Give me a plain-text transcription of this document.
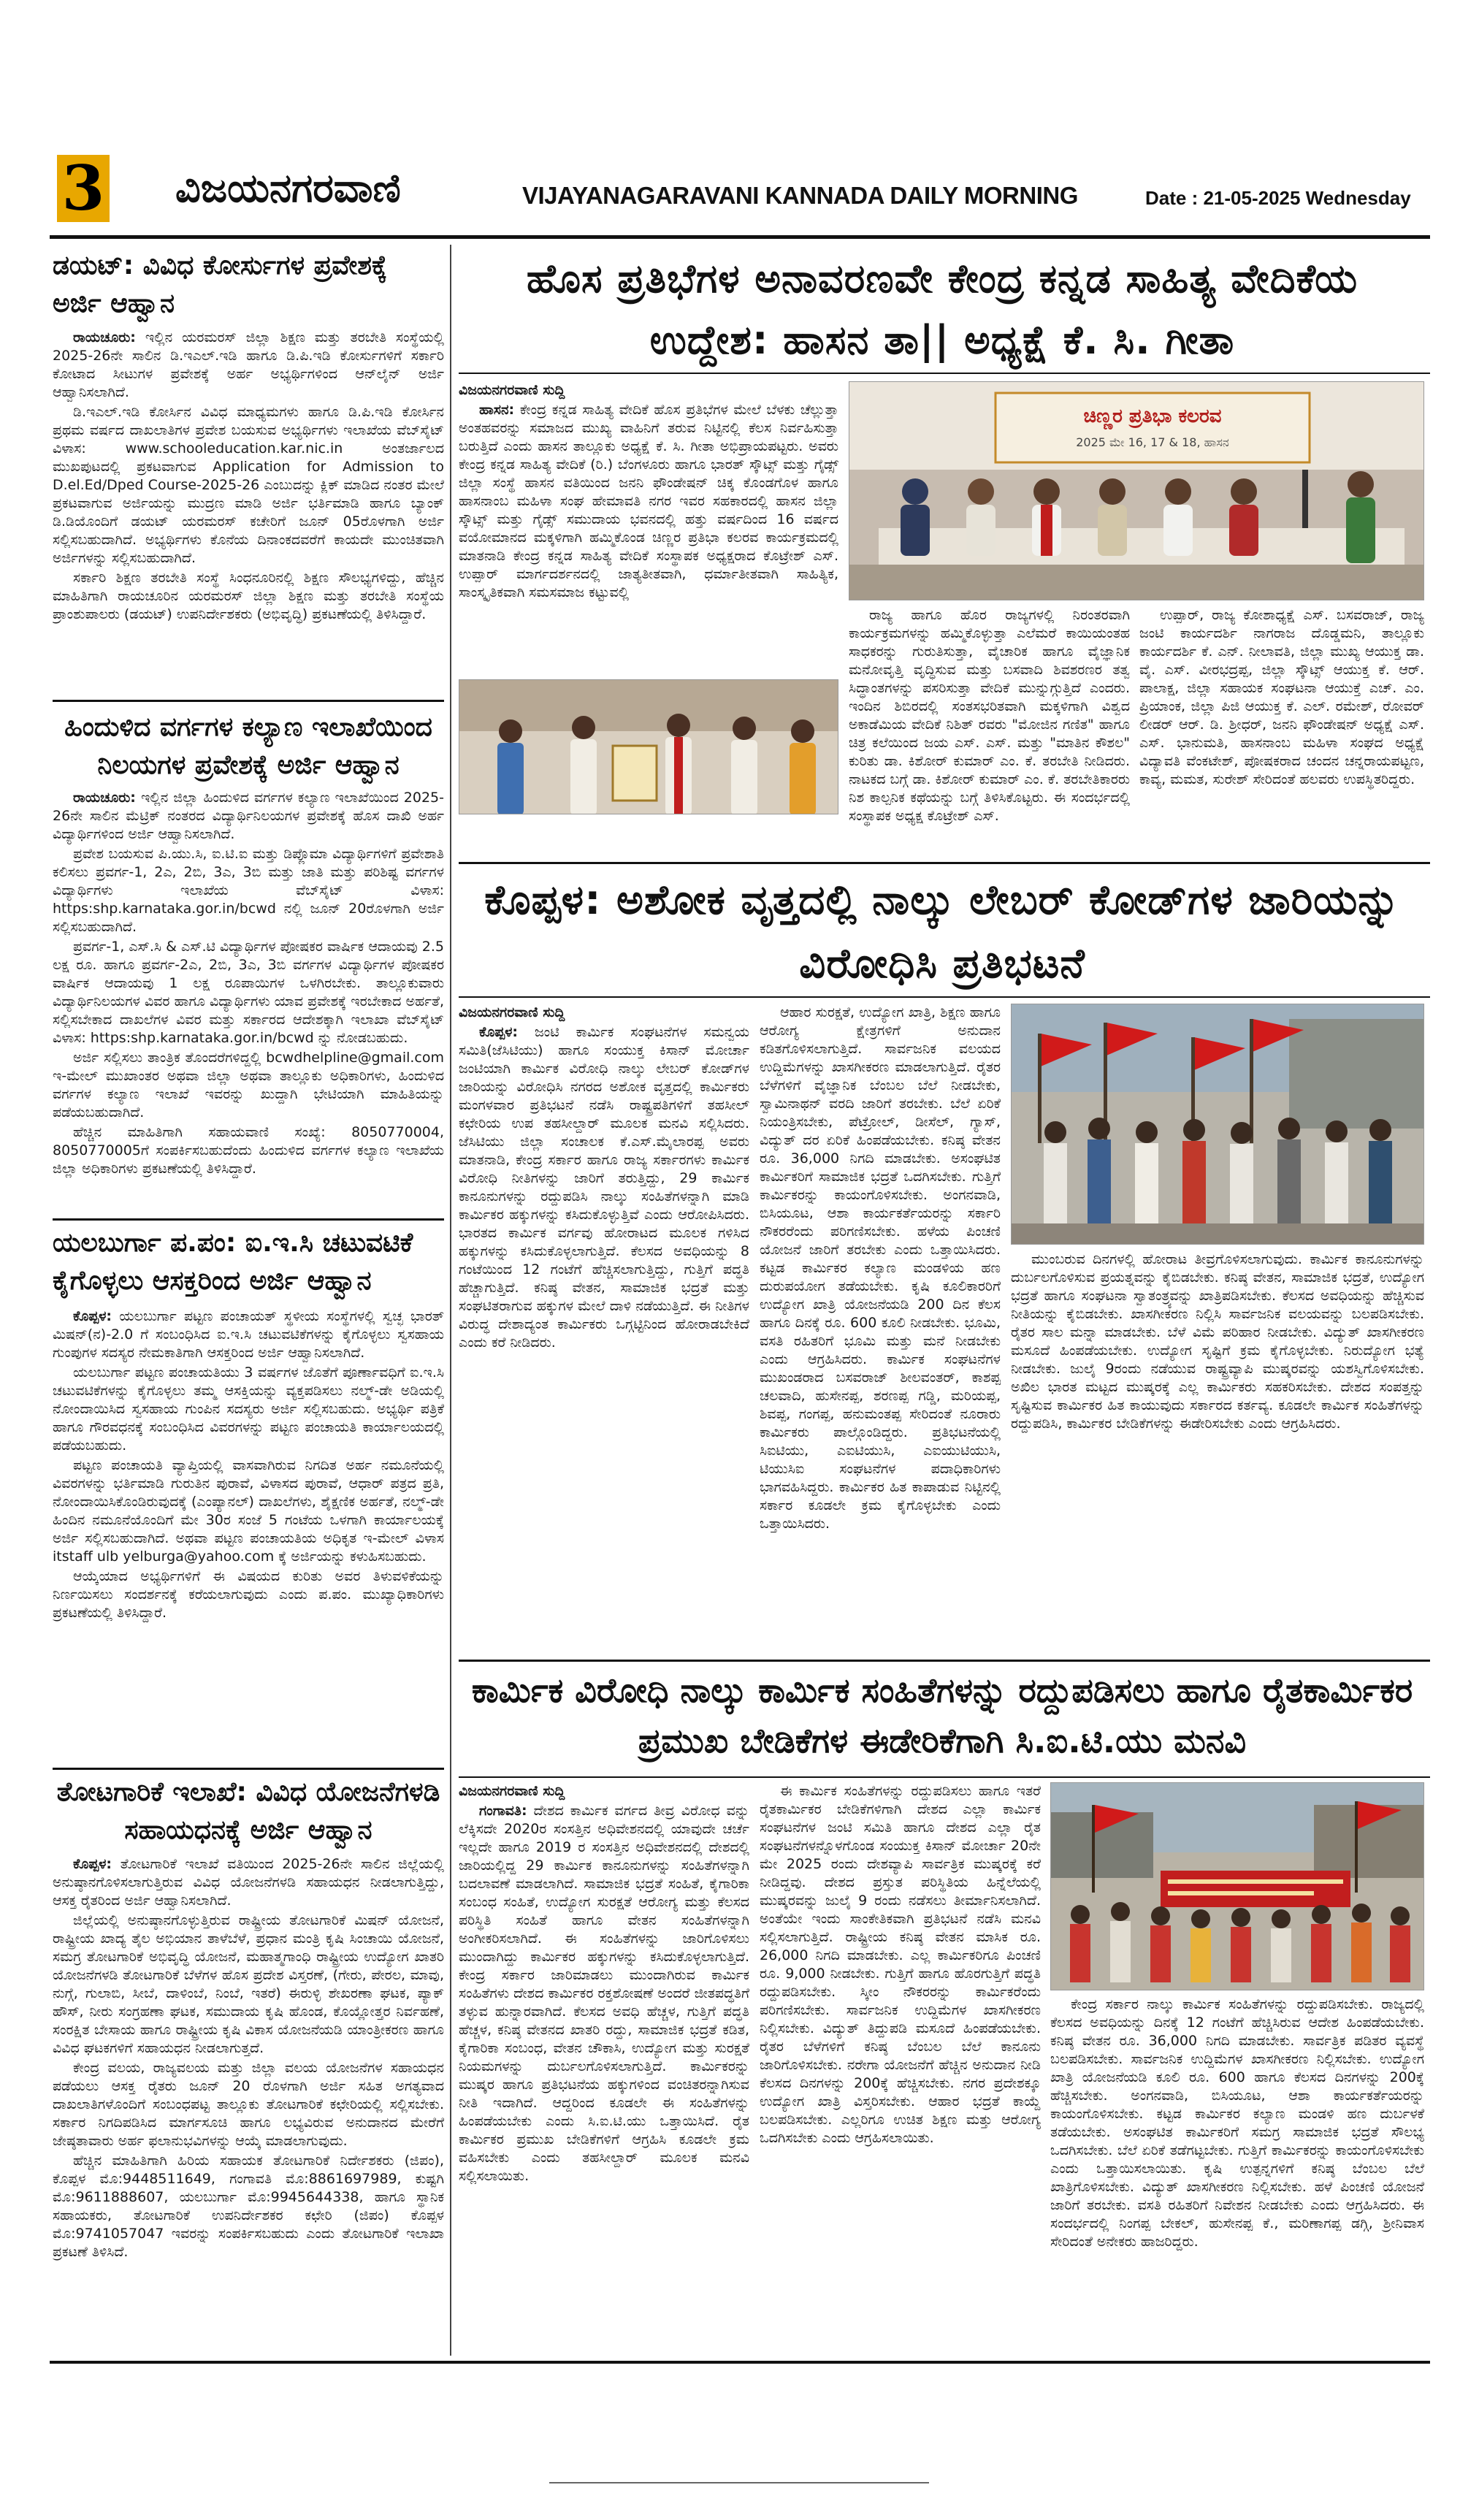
3 ವಿಜಯನಗರವಾಣಿ	VIJAYANAGARAVANI KANNADA DAILY MORNING	Date : 21-05-2025 Wednesday
ಡಯಟ್: ವಿವಿಧ ಕೋರ್ಸುಗಳ ಪ್ರವೇಶಕ್ಕೆ ಅರ್ಜಿ ಆಹ್ವಾನ

ರಾಯಚೂರು: ಇಲ್ಲಿನ ಯರಮರಸ್ ಜಿಲ್ಲಾ ಶಿಕ್ಷಣ ಮತ್ತು ತರಬೇತಿ ಸಂಸ್ಥೆಯಲ್ಲಿ 2025-26ನೇ ಸಾಲಿನ ಡಿ.ಇಎಲ್.ಇಡಿ ಹಾಗೂ ಡಿ.ಪಿ.ಇಡಿ ಕೋರ್ಸುಗಳಿಗೆ ಸರ್ಕಾರಿ ಕೋಟಾದ ಸೀಟುಗಳ ಪ್ರವೇಶಕ್ಕೆ ಅರ್ಹ ಅಭ್ಯರ್ಥಿಗಳಿಂದ ಆನ್‌ಲೈನ್ ಅರ್ಜಿ ಆಹ್ವಾನಿಸಲಾಗಿದೆ.

ಡಿ.ಇಎಲ್.ಇಡಿ ಕೋರ್ಸಿನ ವಿವಿಧ ಮಾಧ್ಯಮಗಳು ಹಾಗೂ ಡಿ.ಪಿ.ಇಡಿ ಕೋರ್ಸಿನ ಪ್ರಥಮ ವರ್ಷದ ದಾಖಲಾತಿಗಳ ಪ್ರವೇಶ ಬಯಸುವ ಅಭ್ಯರ್ಥಿಗಳು ಇಲಾಖೆಯ ವೆಬ್‌ಸೈಟ್ ವಿಳಾಸ: www.schooleducation.kar.nic.in ಅಂತರ್ಜಾಲದ ಮುಖಪುಟದಲ್ಲಿ ಪ್ರಕಟವಾಗುವ Application for Admission to D.el.Ed/Dped Course-2025-26 ಎಂಬುದನ್ನು ಕ್ಲಿಕ್ ಮಾಡಿದ ನಂತರ ಮೇಲೆ ಪ್ರಕಟವಾಗುವ ಅರ್ಜಿಯನ್ನು ಮುದ್ರಣ ಮಾಡಿ ಅರ್ಜಿ ಭರ್ತಿಮಾಡಿ ಹಾಗೂ ಬ್ಯಾಂಕ್ ಡಿ.ಡಿಯೊಂದಿಗೆ ಡಯಟ್ ಯರಮರಸ್ ಕಚೇರಿಗೆ ಜೂನ್ 05ರೊಳಗಾಗಿ ಅರ್ಜಿ ಸಲ್ಲಿಸಬಹುದಾಗಿದೆ. ಅಭ್ಯರ್ಥಿಗಳು ಕೊನೆಯ ದಿನಾಂಕದವರೆಗೆ ಕಾಯದೇ ಮುಂಚಿತವಾಗಿ ಅರ್ಜಿಗಳನ್ನು ಸಲ್ಲಿಸಬಹುದಾಗಿದೆ.

ಸರ್ಕಾರಿ ಶಿಕ್ಷಣ ತರಬೇತಿ ಸಂಸ್ಥೆ ಸಿಂಧನೂರಿನಲ್ಲಿ ಶಿಕ್ಷಣ ಸೌಲಭ್ಯಗಳಿದ್ದು, ಹೆಚ್ಚಿನ ಮಾಹಿತಿಗಾಗಿ ರಾಯಚೂರಿನ ಯರಮರಸ್ ಜಿಲ್ಲಾ ಶಿಕ್ಷಣ ಮತ್ತು ತರಬೇತಿ ಸಂಸ್ಥೆಯ ಪ್ರಾಂಶುಪಾಲರು (ಡಯಟ್) ಉಪನಿರ್ದೇಶಕರು (ಅಭಿವೃದ್ಧಿ) ಪ್ರಕಟಣೆಯಲ್ಲಿ ತಿಳಿಸಿದ್ದಾರೆ.

ಹಿಂದುಳಿದ ವರ್ಗಗಳ ಕಲ್ಯಾಣ ಇಲಾಖೆಯಿಂದ ನಿಲಯಗಳ ಪ್ರವೇಶಕ್ಕೆ ಅರ್ಜಿ ಆಹ್ವಾನ

ರಾಯಚೂರು: ಇಲ್ಲಿನ ಜಿಲ್ಲಾ ಹಿಂದುಳಿದ ವರ್ಗಗಳ ಕಲ್ಯಾಣ ಇಲಾಖೆಯಿಂದ 2025-26ನೇ ಸಾಲಿನ ಮೆಟ್ರಿಕ್ ನಂತರದ ವಿದ್ಯಾರ್ಥಿನಿಲಯಗಳ ಪ್ರವೇಶಕ್ಕೆ ಹೊಸ ದಾಖಿ ಅರ್ಹ ವಿದ್ಯಾರ್ಥಿಗಳಿಂದ ಅರ್ಜಿ ಆಹ್ವಾನಿಸಲಾಗಿದೆ.

ಪ್ರವೇಶ ಬಯಸುವ ಪಿ.ಯು.ಸಿ, ಐ.ಟಿ.ಐ ಮತ್ತು ಡಿಪ್ಲೊಮಾ ವಿದ್ಯಾರ್ಥಿಗಳಿಗೆ ಪ್ರವೇಶಾತಿ ಕಲಿಸಲು ಪ್ರವರ್ಗ-1, 2ಎ, 2ಬಿ, 3ಎ, 3ಬಿ ಮತ್ತು ಜಾತಿ ಮತ್ತು ಪರಿಶಿಷ್ಟ ವರ್ಗಗಳ ವಿದ್ಯಾರ್ಥಿಗಳು ಇಲಾಖೆಯ ವೆಬ್‌ಸೈಟ್ ವಿಳಾಸ: https:shp.karnataka.gor.in/bcwd ನಲ್ಲಿ ಜೂನ್ 20ರೊಳಗಾಗಿ ಅರ್ಜಿ ಸಲ್ಲಿಸಬಹುದಾಗಿದೆ.

ಪ್ರವರ್ಗ-1, ಎಸ್.ಸಿ & ಎಸ್.ಟಿ ವಿದ್ಯಾರ್ಥಿಗಳ ಪೋಷಕರ ವಾರ್ಷಿಕ ಆದಾಯವು 2.5 ಲಕ್ಷ ರೂ. ಹಾಗೂ ಪ್ರವರ್ಗ-2ಎ, 2ಬಿ, 3ಎ, 3ಬಿ ವರ್ಗಗಳ ವಿದ್ಯಾರ್ಥಿಗಳ ಪೋಷಕರ ವಾರ್ಷಿಕ ಆದಾಯವು 1 ಲಕ್ಷ ರೂಪಾಯಿಗಳ ಒಳಗಿರಬೇಕು. ತಾಲ್ಲೂಕುವಾರು ವಿದ್ಯಾರ್ಥಿನಿಲಯಗಳ ವಿವರ ಹಾಗೂ ವಿದ್ಯಾರ್ಥಿಗಳು ಯಾವ ಪ್ರವೇಶಕ್ಕೆ ಇರಬೇಕಾದ ಅರ್ಹತೆ, ಸಲ್ಲಿಸಬೇಕಾದ ದಾಖಲೆಗಳ ವಿವರ ಮತ್ತು ಸರ್ಕಾರದ ಆದೇಶಕ್ಕಾಗಿ ಇಲಾಖಾ ವೆಬ್‌ಸೈಟ್ ವಿಳಾಸ: https:shp.karnataka.gor.in/bcwd ನ್ನು ನೋಡಬಹುದು.

ಅರ್ಜಿ ಸಲ್ಲಿಸಲು ತಾಂತ್ರಿಕ ತೊಂದರೆಗಳಿದ್ದಲ್ಲಿ bcwdhelpline@gmail.com ಇ-ಮೇಲ್ ಮುಖಾಂತರ ಅಥವಾ ಜಿಲ್ಲಾ ಅಥವಾ ತಾಲ್ಲೂಕು ಅಧಿಕಾರಿಗಳು, ಹಿಂದುಳಿದ ವರ್ಗಗಳ ಕಲ್ಯಾಣ ಇಲಾಖೆ ಇವರನ್ನು ಖುದ್ದಾಗಿ ಭೇಟಿಯಾಗಿ ಮಾಹಿತಿಯನ್ನು ಪಡೆಯಬಹುದಾಗಿದೆ.

ಹೆಚ್ಚಿನ ಮಾಹಿತಿಗಾಗಿ ಸಹಾಯವಾಣಿ ಸಂಖ್ಯೆ: 8050770004, 8050770005ಗೆ ಸಂಪರ್ಕಿಸಬಹುದೆಂದು ಹಿಂದುಳಿದ ವರ್ಗಗಳ ಕಲ್ಯಾಣ ಇಲಾಖೆಯ ಜಿಲ್ಲಾ ಅಧಿಕಾರಿಗಳು ಪ್ರಕಟಣೆಯಲ್ಲಿ ತಿಳಿಸಿದ್ದಾರೆ.

ಯಲಬುರ್ಗಾ ಪ.ಪಂ: ಐ.ಇ.ಸಿ ಚಟುವಟಿಕೆ ಕೈಗೊಳ್ಳಲು ಆಸಕ್ತರಿಂದ ಅರ್ಜಿ ಆಹ್ವಾನ

ಕೊಪ್ಪಳ: ಯಲಬುರ್ಗಾ ಪಟ್ಟಣ ಪಂಚಾಯತ್ ಸ್ಥಳೀಯ ಸಂಸ್ಥೆಗಳಲ್ಲಿ ಸ್ವಚ್ಛ ಭಾರತ್ ಮಿಷನ್(ನ)-2.0 ಗೆ ಸಂಬಂಧಿಸಿದ ಐ.ಇ.ಸಿ ಚಟುವಟಿಕೆಗಳನ್ನು ಕೈಗೊಳ್ಳಲು ಸ್ವಸಹಾಯ ಗುಂಪುಗಳ ಸದಸ್ಯರ ನೇಮಕಾತಿಗಾಗಿ ಆಸಕ್ತರಿಂದ ಅರ್ಜಿ ಆಹ್ವಾನಿಸಲಾಗಿದೆ.

ಯಲಬುರ್ಗಾ ಪಟ್ಟಣ ಪಂಚಾಯತಿಯು 3 ವರ್ಷಗಳ ಜೊತೆಗೆ ಪೂರ್ಣಾವಧಿಗೆ ಐ.ಇ.ಸಿ ಚಟುವಟಿಕೆಗಳನ್ನು ಕೈಗೊಳ್ಳಲು ತಮ್ಮ ಆಸಕ್ತಿಯನ್ನು ವ್ಯಕ್ತಪಡಿಸಲು ನಲ್ಮ್-ಡೇ ಅಡಿಯಲ್ಲಿ ನೋಂದಾಯಿಸಿದ ಸ್ವಸಹಾಯ ಗುಂಪಿನ ಸದಸ್ಯರು ಅರ್ಜಿ ಸಲ್ಲಿಸಬಹುದು. ಅಭ್ಯರ್ಥಿ ಪತ್ರಿಕೆ ಹಾಗೂ ಗೌರವಧನಕ್ಕೆ ಸಂಬಂಧಿಸಿದ ವಿವರಗಳನ್ನು ಪಟ್ಟಣ ಪಂಚಾಯತಿ ಕಾರ್ಯಾಲಯದಲ್ಲಿ ಪಡೆಯಬಹುದು.

ಪಟ್ಟಣ ಪಂಚಾಯತಿ ವ್ಯಾಪ್ತಿಯಲ್ಲಿ ವಾಸವಾಗಿರುವ ನಿಗದಿತ ಅರ್ಹ ನಮೂನೆಯಲ್ಲಿ ವಿವರಗಳನ್ನು ಭರ್ತಿಮಾಡಿ ಗುರುತಿನ ಪುರಾವೆ, ವಿಳಾಸದ ಪುರಾವೆ, ಆಧಾರ್ ಪತ್ರದ ಪ್ರತಿ, ನೋಂದಾಯಿಸಿಕೊಂಡಿರುವುದಕ್ಕೆ (ಎಂಪ್ಯಾನಲ್) ದಾಖಲೆಗಳು, ಶೈಕ್ಷಣಿಕ ಅರ್ಹತೆ, ನಲ್ಮ್-ಡೇ ಹಿಂದಿನ ನಮೂನೆಯೊಂದಿಗೆ ಮೇ 30ರ ಸಂಜೆ 5 ಗಂಟೆಯ ಒಳಗಾಗಿ ಕಾರ್ಯಾಲಯಕ್ಕೆ ಅರ್ಜಿ ಸಲ್ಲಿಸಬಹುದಾಗಿದೆ. ಅಥವಾ ಪಟ್ಟಣ ಪಂಚಾಯತಿಯ ಅಧಿಕೃತ ಇ-ಮೇಲ್ ವಿಳಾಸ itstaff ulb yelburga@yahoo.com ಕ್ಕೆ ಅರ್ಜಿಯನ್ನು ಕಳುಹಿಸಬಹುದು.

ಆಯ್ಕೆಯಾದ ಅಭ್ಯರ್ಥಿಗಳಿಗೆ ಈ ವಿಷಯದ ಕುರಿತು ಅವರ ತಿಳುವಳಿಕೆಯನ್ನು ನಿರ್ಣಯಿಸಲು ಸಂದರ್ಶನಕ್ಕೆ ಕರೆಯಲಾಗುವುದು ಎಂದು ಪ.ಪಂ. ಮುಖ್ಯಾಧಿಕಾರಿಗಳು ಪ್ರಕಟಣೆಯಲ್ಲಿ ತಿಳಿಸಿದ್ದಾರೆ.

ತೋಟಗಾರಿಕೆ ಇಲಾಖೆ: ವಿವಿಧ ಯೋಜನೆಗಳಡಿ ಸಹಾಯಧನಕ್ಕೆ ಅರ್ಜಿ ಆಹ್ವಾನ

ಕೊಪ್ಪಳ: ತೋಟಗಾರಿಕೆ ಇಲಾಖೆ ವತಿಯಿಂದ 2025-26ನೇ ಸಾಲಿನ ಜಿಲ್ಲೆಯಲ್ಲಿ ಅನುಷ್ಠಾನಗೊಳಿಸಲಾಗುತ್ತಿರುವ ವಿವಿಧ ಯೋಜನೆಗಳಡಿ ಸಹಾಯಧನ ನೀಡಲಾಗುತ್ತಿದ್ದು, ಆಸಕ್ತ ರೈತರಿಂದ ಅರ್ಜಿ ಆಹ್ವಾನಿಸಲಾಗಿದೆ.

ಜಿಲ್ಲೆಯಲ್ಲಿ ಅನುಷ್ಠಾನಗೊಳ್ಳುತ್ತಿರುವ ರಾಷ್ಟ್ರೀಯ ತೋಟಗಾರಿಕೆ ಮಿಷನ್ ಯೋಜನೆ, ರಾಷ್ಟ್ರೀಯ ಖಾದ್ಯ ತೈಲ ಅಭಿಯಾನ ತಾಳೆಬೆಳೆ, ಪ್ರಧಾನ ಮಂತ್ರಿ ಕೃಷಿ ಸಿಂಚಾಯಿ ಯೋಜನೆ, ಸಮಗ್ರ ತೋಟಗಾರಿಕೆ ಅಭಿವೃದ್ಧಿ ಯೋಜನೆ, ಮಹಾತ್ಮಗಾಂಧಿ ರಾಷ್ಟ್ರೀಯ ಉದ್ಯೋಗ ಖಾತರಿ ಯೋಜನೆಗಳಡಿ ತೋಟಗಾರಿಕೆ ಬೆಳೆಗಳ ಹೊಸ ಪ್ರದೇಶ ವಿಸ್ತರಣೆ, (ಗೇರು, ಪೇರಲ, ಮಾವು, ನುಗ್ಗೆ, ಗುಲಾಬಿ, ಸೀಬೆ, ದಾಳಿಂಬೆ, ನಿಂಬೆ, ಇತರೆ) ಈರುಳ್ಳಿ ಶೇಖರಣಾ ಘಟಕ, ಪ್ಯಾಕ್ ಹೌಸ್, ನೀರು ಸಂಗ್ರಹಣಾ ಘಟಕ, ಸಮುದಾಯ ಕೃಷಿ ಹೊಂಡ, ಕೊಯ್ಲೋತ್ತರ ನಿರ್ವಹಣೆ, ಸಂರಕ್ಷಿತ ಬೇಸಾಯ ಹಾಗೂ ರಾಷ್ಟ್ರೀಯ ಕೃಷಿ ವಿಕಾಸ ಯೋಜನೆಯಡಿ ಯಾಂತ್ರೀಕರಣ ಹಾಗೂ ವಿವಿಧ ಘಟಕಗಳಿಗೆ ಸಹಾಯಧನ ನೀಡಲಾಗುತ್ತದೆ.

ಕೇಂದ್ರ ವಲಯ, ರಾಜ್ಯವಲಯ ಮತ್ತು ಜಿಲ್ಲಾ ವಲಯ ಯೋಜನೆಗಳ ಸಹಾಯಧನ ಪಡೆಯಲು ಆಸಕ್ತ ರೈತರು ಜೂನ್ 20 ರೊಳಗಾಗಿ ಅರ್ಜಿ ಸಹಿತ ಅಗತ್ಯವಾದ ದಾಖಲಾತಿಗಳೊಂದಿಗೆ ಸಂಬಂಧಪಟ್ಟ ತಾಲ್ಲೂಕು ತೋಟಗಾರಿಕೆ ಕಛೇರಿಯಲ್ಲಿ ಸಲ್ಲಿಸಬೇಕು. ಸರ್ಕಾರ ನಿಗದಿಪಡಿಸಿದ ಮಾರ್ಗಸೂಚಿ ಹಾಗೂ ಲಭ್ಯವಿರುವ ಅನುದಾನದ ಮೇರೆಗೆ ಜೇಷ್ಠತಾವಾರು ಅರ್ಹ ಫಲಾನುಭವಿಗಳನ್ನು ಆಯ್ಕೆ ಮಾಡಲಾಗುವುದು.

ಹೆಚ್ಚಿನ ಮಾಹಿತಿಗಾಗಿ ಹಿರಿಯ ಸಹಾಯಕ ತೋಟಗಾರಿಕೆ ನಿರ್ದೇಶಕರು (ಜಿಪಂ), ಕೊಪ್ಪಳ ಮೊ:9448511649, ಗಂಗಾವತಿ ಮೊ:8861697989, ಕುಷ್ಟಗಿ ಮೊ:9611888607, ಯಲಬುರ್ಗಾ ಮೊ:9945644338, ಹಾಗೂ ಸ್ಥಾನಿಕ ಸಹಾಯಕರು, ತೋಟಗಾರಿಕೆ ಉಪನಿರ್ದೇಶಕರ ಕಛೇರಿ (ಜಿಪಂ) ಕೊಪ್ಪಳ ಮೊ:9741057047 ಇವರನ್ನು ಸಂಪರ್ಕಿಸಬಹುದು ಎಂದು ತೋಟಗಾರಿಕೆ ಇಲಾಖಾ ಪ್ರಕಟಣೆ ತಿಳಿಸಿದೆ.

ಹೊಸ ಪ್ರತಿಭೆಗಳ ಅನಾವರಣವೇ ಕೇಂದ್ರ ಕನ್ನಡ ಸಾಹಿತ್ಯ ವೇದಿಕೆಯ ಉದ್ದೇಶ: ಹಾಸನ ತಾ|| ಅಧ್ಯಕ್ಷೆ ಕೆ. ಸಿ. ಗೀತಾ

ವಿಜಯನಗರವಾಣಿ ಸುದ್ದಿ

ಹಾಸನ: ಕೇಂದ್ರ ಕನ್ನಡ ಸಾಹಿತ್ಯ ವೇದಿಕೆ ಹೊಸ ಪ್ರತಿಭೆಗಳ ಮೇಲೆ ಬೆಳಕು ಚೆಲ್ಲುತ್ತಾ ಅಂತಹವರನ್ನು ಸಮಾಜದ ಮುಖ್ಯ ವಾಹಿನಿಗೆ ತರುವ ನಿಟ್ಟಿನಲ್ಲಿ ಕೆಲಸ ನಿರ್ವಹಿಸುತ್ತಾ ಬರುತ್ತಿದೆ ಎಂದು ಹಾಸನ ತಾಲ್ಲೂಕು ಅಧ್ಯಕ್ಷೆ ಕೆ. ಸಿ. ಗೀತಾ ಅಭಿಪ್ರಾಯಪಟ್ಟರು. ಅವರು ಕೇಂದ್ರ ಕನ್ನಡ ಸಾಹಿತ್ಯ ವೇದಿಕೆ (ರಿ.) ಬೆಂಗಳೂರು ಹಾಗೂ ಭಾರತ್ ಸ್ಕೌಟ್ಸ್ ಮತ್ತು ಗೈಡ್ಸ್ ಜಿಲ್ಲಾ ಸಂಸ್ಥೆ ಹಾಸನ ವತಿಯಿಂದ ಜನನಿ ಫೌಂಡೇಷನ್ ಚಿಕ್ಕ ಕೊಂಡಗೊಳ ಹಾಗೂ ಹಾಸನಾಂಬ ಮಹಿಳಾ ಸಂಘ ಹೇಮಾವತಿ ನಗರ ಇವರ ಸಹಕಾರದಲ್ಲಿ ಹಾಸನ ಜಿಲ್ಲಾ ಸ್ಕೌಟ್ಸ್ ಮತ್ತು ಗೈಡ್ಸ್ ಸಮುದಾಯ ಭವನದಲ್ಲಿ ಹತ್ತು ವರ್ಷದಿಂದ 16 ವರ್ಷದ ವಯೋಮಾನದ ಮಕ್ಕಳಿಗಾಗಿ ಹಮ್ಮಿಕೊಂಡ ಚಿಣ್ಣರ ಪ್ರತಿಭಾ ಕಲರವ ಕಾರ್ಯಕ್ರಮದಲ್ಲಿ ಮಾತನಾಡಿ ಕೇಂದ್ರ ಕನ್ನಡ ಸಾಹಿತ್ಯ ವೇದಿಕೆ ಸಂಸ್ಥಾಪಕ ಅಧ್ಯಕ್ಷರಾದ ಕೊಟ್ರೇಶ್ ಎಸ್. ಉಪ್ಪಾರ್ ಮಾರ್ಗದರ್ಶನದಲ್ಲಿ ಜಾತ್ಯತೀತವಾಗಿ, ಧರ್ಮಾತೀತವಾಗಿ ಸಾಹಿತ್ಯಿಕ, ಸಾಂಸ್ಕೃತಿಕವಾಗಿ ಸಮಸಮಾಜ ಕಟ್ಟುವಲ್ಲಿ

ಚಿಣ್ಣರ ಪ್ರತಿಭಾ ಕಲರವ
2025 ಮೇ 16, 17 & 18, ಹಾಸನ

ರಾಜ್ಯ ಹಾಗೂ ಹೊರ ರಾಜ್ಯಗಳಲ್ಲಿ ನಿರಂತರವಾಗಿ ಕಾರ್ಯಕ್ರಮಗಳನ್ನು ಹಮ್ಮಿಕೊಳ್ಳುತ್ತಾ ಎಲೆಮರೆ ಕಾಯಿಯಂತಹ ಸಾಧಕರನ್ನು ಗುರುತಿಸುತ್ತಾ, ವೈಚಾರಿಕ ಹಾಗೂ ವೈಜ್ಞಾನಿಕ ಮನೋವೃತ್ತಿ ವೃದ್ಧಿಸುವ ಮತ್ತು ಬಸವಾದಿ ಶಿವಶರಣರ ತತ್ವ ಸಿದ್ಧಾಂತಗಳನ್ನು ಪಸರಿಸುತ್ತಾ ವೇದಿಕೆ ಮುನ್ನುಗ್ಗುತ್ತಿದೆ ಎಂದರು. ಇಂದಿನ ಶಿಬಿರದಲ್ಲಿ ಸಂತಸಭರಿತವಾಗಿ ಮಕ್ಕಳಿಗಾಗಿ ವಿಶ್ವದ ಅಕಾಡೆಮಿಯ ವೇದಿಕೆ ನಿಶಿತ್ ರವರು "ಮೋಜಿನ ಗಣಿತ" ಹಾಗೂ ಚಿತ್ರ ಕಲೆಯಿಂದ ಜಯ ಎಸ್. ಎಸ್. ಮತ್ತು "ಮಾತಿನ ಕೌಶಲ" ಕುರಿತು ಡಾ. ಕಿಶೋರ್ ಕುಮಾರ್ ಎಂ. ಕೆ. ತರಬೇತಿ ನೀಡಿದರು. ನಾಟಕದ ಬಗ್ಗೆ ಡಾ. ಕಿಶೋರ್ ಕುಮಾರ್ ಎಂ. ಕೆ. ತರಬೇತಿಕಾರರು ನಿಶ ಕಾಲ್ಪನಿಕ ಕಥೆಯನ್ನು ಬಗ್ಗೆ ತಿಳಿಸಿಕೊಟ್ಟರು. ಈ ಸಂದರ್ಭದಲ್ಲಿ ಸಂಸ್ಥಾಪಕ ಅಧ್ಯಕ್ಷ ಕೊಟ್ರೇಶ್ ಎಸ್.

ಉಪ್ಪಾರ್, ರಾಜ್ಯ ಕೋಶಾಧ್ಯಕ್ಷೆ ಎಸ್. ಬಸವರಾಜ್, ರಾಜ್ಯ ಜಂಟಿ ಕಾರ್ಯದರ್ಶಿ ನಾಗರಾಜ ದೊಡ್ಡಮನಿ, ತಾಲ್ಲೂಕು ಕಾರ್ಯದರ್ಶಿ ಕೆ. ಎನ್. ನೀಲಾವತಿ, ಜಿಲ್ಲಾ ಮುಖ್ಯ ಆಯುಕ್ತ ಡಾ. ವೈ. ಎಸ್. ವೀರಭದ್ರಪ್ಪ, ಜಿಲ್ಲಾ ಸ್ಕೌಟ್ಸ್ ಆಯುಕ್ತ ಕೆ. ಆರ್. ಪಾಲಾಕ್ಷ, ಜಿಲ್ಲಾ ಸಹಾಯಕ ಸಂಘಟನಾ ಆಯುಕ್ತೆ ಎಚ್. ಎಂ. ಪ್ರಿಯಾಂಕ, ಜಿಲ್ಲಾ ಪಿಜಿ ಆಯುಕ್ತ ಕೆ. ಎಲ್. ರಮೇಶ್, ರೋವರ್ ಲೀಡರ್ ಆರ್. ಡಿ. ಶ್ರೀಧರ್, ಜನನಿ ಫೌಂಡೇಷನ್ ಅಧ್ಯಕ್ಷೆ ಎಸ್. ಎಸ್. ಭಾನುಮತಿ, ಹಾಸನಾಂಬ ಮಹಿಳಾ ಸಂಘದ ಅಧ್ಯಕ್ಷೆ ವಿದ್ಯಾವತಿ ವೆಂಕಟೇಶ್, ಪೋಷಕರಾದ ಚಂದನ ಚನ್ನರಾಯಪಟ್ಟಣ, ಕಾವ್ಯ, ಮಮತ, ಸುರೇಶ್ ಸೇರಿದಂತೆ ಹಲವರು ಉಪಸ್ಥಿತರಿದ್ದರು.

ಕೊಪ್ಪಳ: ಅಶೋಕ ವೃತ್ತದಲ್ಲಿ ನಾಲ್ಕು ಲೇಬರ್ ಕೋಡ್‌ಗಳ ಜಾರಿಯನ್ನು ವಿರೋಧಿಸಿ ಪ್ರತಿಭಟನೆ

ವಿಜಯನಗರವಾಣಿ ಸುದ್ದಿ

ಕೊಪ್ಪಳ: ಜಂಟಿ ಕಾರ್ಮಿಕ ಸಂಘಟನೆಗಳ ಸಮನ್ವಯ ಸಮಿತಿ(ಜೆಸಿಟಿಯು) ಹಾಗೂ ಸಂಯುಕ್ತ ಕಿಸಾನ್ ಮೋರ್ಚಾ ಜಂಟಿಯಾಗಿ ಕಾರ್ಮಿಕ ವಿರೋಧಿ ನಾಲ್ಕು ಲೇಬರ್ ಕೋಡ್‌ಗಳ ಜಾರಿಯನ್ನು ವಿರೋಧಿಸಿ ನಗರದ ಅಶೋಕ ವೃತ್ತದಲ್ಲಿ ಕಾರ್ಮಿಕರು ಮಂಗಳವಾರ ಪ್ರತಿಭಟನೆ ನಡೆಸಿ ರಾಷ್ಟ್ರಪತಿಗಳಿಗೆ ತಹಸೀಲ್ ಕಛೇರಿಯ ಉಪ ತಹಸೀಲ್ದಾರ್ ಮೂಲಕ ಮನವಿ ಸಲ್ಲಿಸಿದರು. ಜೆಸಿಟಿಯು ಜಿಲ್ಲಾ ಸಂಚಾಲಕ ಕೆ.ಎಸ್.ಮೈಲಾರಪ್ಪ ಅವರು ಮಾತನಾಡಿ, ಕೇಂದ್ರ ಸರ್ಕಾರ ಹಾಗೂ ರಾಜ್ಯ ಸರ್ಕಾರಗಳು ಕಾರ್ಮಿಕ ವಿರೋಧಿ ನೀತಿಗಳನ್ನು ಜಾರಿಗೆ ತರುತ್ತಿದ್ದು, 29 ಕಾರ್ಮಿಕ ಕಾನೂನುಗಳನ್ನು ರದ್ದುಪಡಿಸಿ ನಾಲ್ಕು ಸಂಹಿತೆಗಳನ್ನಾಗಿ ಮಾಡಿ ಕಾರ್ಮಿಕರ ಹಕ್ಕುಗಳನ್ನು ಕಸಿದುಕೊಳ್ಳುತ್ತಿವೆ ಎಂದು ಆರೋಪಿಸಿದರು. ಭಾರತದ ಕಾರ್ಮಿಕ ವರ್ಗವು ಹೋರಾಟದ ಮೂಲಕ ಗಳಿಸಿದ ಹಕ್ಕುಗಳನ್ನು ಕಸಿದುಕೊಳ್ಳಲಾಗುತ್ತಿದೆ. ಕೆಲಸದ ಅವಧಿಯನ್ನು 8 ಗಂಟೆಯಿಂದ 12 ಗಂಟೆಗೆ ಹೆಚ್ಚಿಸಲಾಗುತ್ತಿದ್ದು, ಗುತ್ತಿಗೆ ಪದ್ಧತಿ ಹೆಚ್ಚಾಗುತ್ತಿದೆ. ಕನಿಷ್ಠ ವೇತನ, ಸಾಮಾಜಿಕ ಭದ್ರತೆ ಮತ್ತು ಸಂಘಟಿತರಾಗುವ ಹಕ್ಕುಗಳ ಮೇಲೆ ದಾಳಿ ನಡೆಯುತ್ತಿದೆ. ಈ ನೀತಿಗಳ ವಿರುದ್ಧ ದೇಶಾದ್ಯಂತ ಕಾರ್ಮಿಕರು ಒಗ್ಗಟ್ಟಿನಿಂದ ಹೋರಾಡಬೇಕಿದೆ ಎಂದು ಕರೆ ನೀಡಿದರು.

ಆಹಾರ ಸುರಕ್ಷತೆ, ಉದ್ಯೋಗ ಖಾತ್ರಿ, ಶಿಕ್ಷಣ ಹಾಗೂ ಆರೋಗ್ಯ ಕ್ಷೇತ್ರಗಳಿಗೆ ಅನುದಾನ ಕಡಿತಗೊಳಿಸಲಾಗುತ್ತಿದೆ. ಸಾರ್ವಜನಿಕ ವಲಯದ ಉದ್ದಿಮೆಗಳನ್ನು ಖಾಸಗೀಕರಣ ಮಾಡಲಾಗುತ್ತಿದೆ. ರೈತರ ಬೆಳೆಗಳಿಗೆ ವೈಜ್ಞಾನಿಕ ಬೆಂಬಲ ಬೆಲೆ ನೀಡಬೇಕು, ಸ್ವಾಮಿನಾಥನ್ ವರದಿ ಜಾರಿಗೆ ತರಬೇಕು. ಬೆಲೆ ಏರಿಕೆ ನಿಯಂತ್ರಿಸಬೇಕು, ಪೆಟ್ರೋಲ್, ಡೀಸೆಲ್, ಗ್ಯಾಸ್, ವಿದ್ಯುತ್ ದರ ಏರಿಕೆ ಹಿಂಪಡೆಯಬೇಕು. ಕನಿಷ್ಠ ವೇತನ ರೂ. 36,000 ನಿಗದಿ ಮಾಡಬೇಕು. ಅಸಂಘಟಿತ ಕಾರ್ಮಿಕರಿಗೆ ಸಾಮಾಜಿಕ ಭದ್ರತೆ ಒದಗಿಸಬೇಕು. ಗುತ್ತಿಗೆ ಕಾರ್ಮಿಕರನ್ನು ಕಾಯಂಗೊಳಿಸಬೇಕು. ಅಂಗನವಾಡಿ, ಬಿಸಿಯೂಟ, ಆಶಾ ಕಾರ್ಯಕರ್ತೆಯರನ್ನು ಸರ್ಕಾರಿ ನೌಕರರೆಂದು ಪರಿಗಣಿಸಬೇಕು. ಹಳೆಯ ಪಿಂಚಣಿ ಯೋಜನೆ ಜಾರಿಗೆ ತರಬೇಕು ಎಂದು ಒತ್ತಾಯಿಸಿದರು. ಕಟ್ಟಡ ಕಾರ್ಮಿಕರ ಕಲ್ಯಾಣ ಮಂಡಳಿಯ ಹಣ ದುರುಪಯೋಗ ತಡೆಯಬೇಕು. ಕೃಷಿ ಕೂಲಿಕಾರರಿಗೆ ಉದ್ಯೋಗ ಖಾತ್ರಿ ಯೋಜನೆಯಡಿ 200 ದಿನ ಕೆಲಸ ಹಾಗೂ ದಿನಕ್ಕೆ ರೂ. 600 ಕೂಲಿ ನೀಡಬೇಕು. ಭೂಮಿ, ವಸತಿ ರಹಿತರಿಗೆ ಭೂಮಿ ಮತ್ತು ಮನೆ ನೀಡಬೇಕು ಎಂದು ಆಗ್ರಹಿಸಿದರು. ಕಾರ್ಮಿಕ ಸಂಘಟನೆಗಳ ಮುಖಂಡರಾದ ಬಸವರಾಜ್ ಶೀಲವಂತರ್, ಕಾಶಪ್ಪ ಚಲವಾದಿ, ಹುಸೇನಪ್ಪ, ಶರಣಪ್ಪ ಗಡ್ಡಿ, ಮರಿಯಪ್ಪ, ಶಿವಪ್ಪ, ಗಂಗಪ್ಪ, ಹನುಮಂತಪ್ಪ ಸೇರಿದಂತೆ ನೂರಾರು ಕಾರ್ಮಿಕರು ಪಾಲ್ಗೊಂಡಿದ್ದರು. ಪ್ರತಿಭಟನೆಯಲ್ಲಿ ಸಿಐಟಿಯು, ಎಐಟಿಯುಸಿ, ಎಐಯುಟಿಯುಸಿ, ಟಿಯುಸಿಐ ಸಂಘಟನೆಗಳ ಪದಾಧಿಕಾರಿಗಳು ಭಾಗವಹಿಸಿದ್ದರು. ಕಾರ್ಮಿಕರ ಹಿತ ಕಾಪಾಡುವ ನಿಟ್ಟಿನಲ್ಲಿ ಸರ್ಕಾರ ಕೂಡಲೇ ಕ್ರಮ ಕೈಗೊಳ್ಳಬೇಕು ಎಂದು ಒತ್ತಾಯಿಸಿದರು.

ಮುಂಬರುವ ದಿನಗಳಲ್ಲಿ ಹೋರಾಟ ತೀವ್ರಗೊಳಿಸಲಾಗುವುದು. ಕಾರ್ಮಿಕ ಕಾನೂನುಗಳನ್ನು ದುರ್ಬಲಗೊಳಿಸುವ ಪ್ರಯತ್ನವನ್ನು ಕೈಬಿಡಬೇಕು. ಕನಿಷ್ಠ ವೇತನ, ಸಾಮಾಜಿಕ ಭದ್ರತೆ, ಉದ್ಯೋಗ ಭದ್ರತೆ ಹಾಗೂ ಸಂಘಟನಾ ಸ್ವಾತಂತ್ರ್ಯವನ್ನು ಖಾತ್ರಿಪಡಿಸಬೇಕು. ಕೆಲಸದ ಅವಧಿಯನ್ನು ಹೆಚ್ಚಿಸುವ ನೀತಿಯನ್ನು ಕೈಬಿಡಬೇಕು. ಖಾಸಗೀಕರಣ ನಿಲ್ಲಿಸಿ ಸಾರ್ವಜನಿಕ ವಲಯವನ್ನು ಬಲಪಡಿಸಬೇಕು. ರೈತರ ಸಾಲ ಮನ್ನಾ ಮಾಡಬೇಕು. ಬೆಳೆ ವಿಮೆ ಪರಿಹಾರ ನೀಡಬೇಕು. ವಿದ್ಯುತ್ ಖಾಸಗೀಕರಣ ಮಸೂದೆ ಹಿಂಪಡೆಯಬೇಕು. ಉದ್ಯೋಗ ಸೃಷ್ಟಿಗೆ ಕ್ರಮ ಕೈಗೊಳ್ಳಬೇಕು. ನಿರುದ್ಯೋಗ ಭತ್ಯೆ ನೀಡಬೇಕು. ಜುಲೈ 9ರಂದು ನಡೆಯುವ ರಾಷ್ಟ್ರವ್ಯಾಪಿ ಮುಷ್ಕರವನ್ನು ಯಶಸ್ವಿಗೊಳಿಸಬೇಕು. ಅಖಿಲ ಭಾರತ ಮಟ್ಟದ ಮುಷ್ಕರಕ್ಕೆ ಎಲ್ಲ ಕಾರ್ಮಿಕರು ಸಹಕರಿಸಬೇಕು. ದೇಶದ ಸಂಪತ್ತನ್ನು ಸೃಷ್ಟಿಸುವ ಕಾರ್ಮಿಕರ ಹಿತ ಕಾಯುವುದು ಸರ್ಕಾರದ ಕರ್ತವ್ಯ. ಕೂಡಲೇ ಕಾರ್ಮಿಕ ಸಂಹಿತೆಗಳನ್ನು ರದ್ದುಪಡಿಸಿ, ಕಾರ್ಮಿಕರ ಬೇಡಿಕೆಗಳನ್ನು ಈಡೇರಿಸಬೇಕು ಎಂದು ಆಗ್ರಹಿಸಿದರು.

ಕಾರ್ಮಿಕ ವಿರೋಧಿ ನಾಲ್ಕು ಕಾರ್ಮಿಕ ಸಂಹಿತೆಗಳನ್ನು ರದ್ದುಪಡಿಸಲು ಹಾಗೂ ರೈತಕಾರ್ಮಿಕರ ಪ್ರಮುಖ ಬೇಡಿಕೆಗಳ ಈಡೇರಿಕೆಗಾಗಿ ಸಿ.ಐ.ಟಿ.ಯು ಮನವಿ

ವಿಜಯನಗರವಾಣಿ ಸುದ್ದಿ

ಗಂಗಾವತಿ: ದೇಶದ ಕಾರ್ಮಿಕ ವರ್ಗದ ತೀವ್ರ ವಿರೋಧ ವನ್ನು ಲೆಕ್ಕಿಸದೇ 2020ರ ಸಂಸತ್ತಿನ ಅಧಿವೇಶನದಲ್ಲಿ ಯಾವುದೇ ಚರ್ಚೆ ಇಲ್ಲದೇ ಹಾಗೂ 2019 ರ ಸಂಸತ್ತಿನ ಅಧಿವೇಶನದಲ್ಲಿ ದೇಶದಲ್ಲಿ ಜಾರಿಯಲ್ಲಿದ್ದ 29 ಕಾರ್ಮಿಕ ಕಾನೂನುಗಳನ್ನು ಸಂಹಿತೆಗಳನ್ನಾಗಿ ಬದಲಾವಣೆ ಮಾಡಲಾಗಿದೆ. ಸಾಮಾಜಿಕ ಭದ್ರತೆ ಸಂಹಿತೆ, ಕೈಗಾರಿಕಾ ಸಂಬಂಧ ಸಂಹಿತೆ, ಉದ್ಯೋಗ ಸುರಕ್ಷತೆ ಆರೋಗ್ಯ ಮತ್ತು ಕೆಲಸದ ಪರಿಸ್ಥಿತಿ ಸಂಹಿತೆ ಹಾಗೂ ವೇತನ ಸಂಹಿತೆಗಳನ್ನಾಗಿ ಅಂಗೀಕರಿಸಲಾಗಿದೆ. ಈ ಸಂಹಿತೆಗಳನ್ನು ಜಾರಿಗೊಳಿಸಲು ಮುಂದಾಗಿದ್ದು ಕಾರ್ಮಿಕರ ಹಕ್ಕುಗಳನ್ನು ಕಸಿದುಕೊಳ್ಳಲಾಗುತ್ತಿದೆ. ಕೇಂದ್ರ ಸರ್ಕಾರ ಜಾರಿಮಾಡಲು ಮುಂದಾಗಿರುವ ಕಾರ್ಮಿಕ ಸಂಹಿತೆಗಳು ದೇಶದ ಕಾರ್ಮಿಕರ ರಕ್ತಶೋಷಣೆ ಅಂದರೆ ಜೀತಪದ್ಧತಿಗೆ ತಳ್ಳುವ ಹುನ್ನಾರವಾಗಿದೆ. ಕೆಲಸದ ಅವಧಿ ಹೆಚ್ಚಳ, ಗುತ್ತಿಗೆ ಪದ್ಧತಿ ಹೆಚ್ಚಳ, ಕನಿಷ್ಠ ವೇತನದ ಖಾತರಿ ರದ್ದು, ಸಾಮಾಜಿಕ ಭದ್ರತೆ ಕಡಿತ, ಕೈಗಾರಿಕಾ ಸಂಬಂಧ, ವೇತನ ಚೌಕಾಸಿ, ಉದ್ಯೋಗ ಮತ್ತು ಸುರಕ್ಷತೆ ನಿಯಮಗಳನ್ನು ದುರ್ಬಲಗೊಳಿಸಲಾಗುತ್ತಿದೆ. ಕಾರ್ಮಿಕರನ್ನು ಮುಷ್ಕರ ಹಾಗೂ ಪ್ರತಿಭಟನೆಯ ಹಕ್ಕುಗಳಿಂದ ವಂಚಿತರನ್ನಾಗಿಸುವ ನೀತಿ ಇದಾಗಿದೆ. ಆದ್ದರಿಂದ ಕೂಡಲೇ ಈ ಸಂಹಿತೆಗಳನ್ನು ಹಿಂಪಡೆಯಬೇಕು ಎಂದು ಸಿ.ಐ.ಟಿ.ಯು ಒತ್ತಾಯಿಸಿದೆ. ರೈತ ಕಾರ್ಮಿಕರ ಪ್ರಮುಖ ಬೇಡಿಕೆಗಳಿಗೆ ಆಗ್ರಹಿಸಿ ಕೂಡಲೇ ಕ್ರಮ ವಹಿಸಬೇಕು ಎಂದು ತಹಸೀಲ್ದಾರ್ ಮೂಲಕ ಮನವಿ ಸಲ್ಲಿಸಲಾಯಿತು.

ಈ ಕಾರ್ಮಿಕ ಸಂಹಿತೆಗಳನ್ನು ರದ್ದುಪಡಿಸಲು ಹಾಗೂ ಇತರೆ ರೈತಕಾರ್ಮಿಕರ ಬೇಡಿಕೆಗಳಿಗಾಗಿ ದೇಶದ ಎಲ್ಲಾ ಕಾರ್ಮಿಕ ಸಂಘಟನೆಗಳ ಜಂಟಿ ಸಮಿತಿ ಹಾಗೂ ದೇಶದ ಎಲ್ಲಾ ರೈತ ಸಂಘಟನೆಗಳನ್ನೊಳಗೊಂಡ ಸಂಯುಕ್ತ ಕಿಸಾನ್ ಮೋರ್ಚಾ 20ನೇ ಮೇ 2025 ರಂದು ದೇಶವ್ಯಾಪಿ ಸಾರ್ವತ್ರಿಕ ಮುಷ್ಕರಕ್ಕೆ ಕರೆ ನೀಡಿದ್ದವು. ದೇಶದ ಪ್ರಸ್ತುತ ಪರಿಸ್ಥಿತಿಯ ಹಿನ್ನೆಲೆಯಲ್ಲಿ ಮುಷ್ಕರವನ್ನು ಜುಲೈ 9 ರಂದು ನಡೆಸಲು ತೀರ್ಮಾನಿಸಲಾಗಿದೆ. ಅಂತೆಯೇ ಇಂದು ಸಾಂಕೇತಿಕವಾಗಿ ಪ್ರತಿಭಟನೆ ನಡೆಸಿ ಮನವಿ ಸಲ್ಲಿಸಲಾಗುತ್ತಿದೆ. ರಾಷ್ಟ್ರೀಯ ಕನಿಷ್ಠ ವೇತನ ಮಾಸಿಕ ರೂ. 26,000 ನಿಗದಿ ಮಾಡಬೇಕು. ಎಲ್ಲ ಕಾರ್ಮಿಕರಿಗೂ ಪಿಂಚಣಿ ರೂ. 9,000 ನೀಡಬೇಕು. ಗುತ್ತಿಗೆ ಹಾಗೂ ಹೊರಗುತ್ತಿಗೆ ಪದ್ಧತಿ ರದ್ದುಪಡಿಸಬೇಕು. ಸ್ಕೀಂ ನೌಕರರನ್ನು ಕಾರ್ಮಿಕರೆಂದು ಪರಿಗಣಿಸಬೇಕು. ಸಾರ್ವಜನಿಕ ಉದ್ದಿಮೆಗಳ ಖಾಸಗೀಕರಣ ನಿಲ್ಲಿಸಬೇಕು. ವಿದ್ಯುತ್ ತಿದ್ದುಪಡಿ ಮಸೂದೆ ಹಿಂಪಡೆಯಬೇಕು. ರೈತರ ಬೆಳೆಗಳಿಗೆ ಕನಿಷ್ಠ ಬೆಂಬಲ ಬೆಲೆ ಕಾನೂನು ಜಾರಿಗೊಳಿಸಬೇಕು. ನರೇಗಾ ಯೋಜನೆಗೆ ಹೆಚ್ಚಿನ ಅನುದಾನ ನೀಡಿ ಕೆಲಸದ ದಿನಗಳನ್ನು 200ಕ್ಕೆ ಹೆಚ್ಚಿಸಬೇಕು. ನಗರ ಪ್ರದೇಶಕ್ಕೂ ಉದ್ಯೋಗ ಖಾತ್ರಿ ವಿಸ್ತರಿಸಬೇಕು. ಆಹಾರ ಭದ್ರತೆ ಕಾಯ್ದೆ ಬಲಪಡಿಸಬೇಕು. ಎಲ್ಲರಿಗೂ ಉಚಿತ ಶಿಕ್ಷಣ ಮತ್ತು ಆರೋಗ್ಯ ಒದಗಿಸಬೇಕು ಎಂದು ಆಗ್ರಹಿಸಲಾಯಿತು.

ಕೇಂದ್ರ ಸರ್ಕಾರ ನಾಲ್ಕು ಕಾರ್ಮಿಕ ಸಂಹಿತೆಗಳನ್ನು ರದ್ದುಪಡಿಸಬೇಕು. ರಾಜ್ಯದಲ್ಲಿ ಕೆಲಸದ ಅವಧಿಯನ್ನು ದಿನಕ್ಕೆ 12 ಗಂಟೆಗೆ ಹೆಚ್ಚಿಸಿರುವ ಆದೇಶ ಹಿಂಪಡೆಯಬೇಕು. ಕನಿಷ್ಠ ವೇತನ ರೂ. 36,000 ನಿಗದಿ ಮಾಡಬೇಕು. ಸಾರ್ವತ್ರಿಕ ಪಡಿತರ ವ್ಯವಸ್ಥೆ ಬಲಪಡಿಸಬೇಕು. ಸಾರ್ವಜನಿಕ ಉದ್ದಿಮೆಗಳ ಖಾಸಗೀಕರಣ ನಿಲ್ಲಿಸಬೇಕು. ಉದ್ಯೋಗ ಖಾತ್ರಿ ಯೋಜನೆಯಡಿ ಕೂಲಿ ರೂ. 600 ಹಾಗೂ ಕೆಲಸದ ದಿನಗಳನ್ನು 200ಕ್ಕೆ ಹೆಚ್ಚಿಸಬೇಕು. ಅಂಗನವಾಡಿ, ಬಿಸಿಯೂಟ, ಆಶಾ ಕಾರ್ಯಕರ್ತೆಯರನ್ನು ಕಾಯಂಗೊಳಿಸಬೇಕು. ಕಟ್ಟಡ ಕಾರ್ಮಿಕರ ಕಲ್ಯಾಣ ಮಂಡಳಿ ಹಣ ದುರ್ಬಳಕೆ ತಡೆಯಬೇಕು. ಅಸಂಘಟಿತ ಕಾರ್ಮಿಕರಿಗೆ ಸಮಗ್ರ ಸಾಮಾಜಿಕ ಭದ್ರತೆ ಸೌಲಭ್ಯ ಒದಗಿಸಬೇಕು. ಬೆಲೆ ಏರಿಕೆ ತಡೆಗಟ್ಟಬೇಕು. ಗುತ್ತಿಗೆ ಕಾರ್ಮಿಕರನ್ನು ಕಾಯಂಗೊಳಿಸಬೇಕು ಎಂದು ಒತ್ತಾಯಿಸಲಾಯಿತು. ಕೃಷಿ ಉತ್ಪನ್ನಗಳಿಗೆ ಕನಿಷ್ಠ ಬೆಂಬಲ ಬೆಲೆ ಖಾತ್ರಿಗೊಳಿಸಬೇಕು. ವಿದ್ಯುತ್ ಖಾಸಗೀಕರಣ ನಿಲ್ಲಿಸಬೇಕು. ಹಳೆ ಪಿಂಚಣಿ ಯೋಜನೆ ಜಾರಿಗೆ ತರಬೇಕು. ವಸತಿ ರಹಿತರಿಗೆ ನಿವೇಶನ ನೀಡಬೇಕು ಎಂದು ಆಗ್ರಹಿಸಿದರು. ಈ ಸಂದರ್ಭದಲ್ಲಿ ನಿಂಗಪ್ಪ ಬೇಕಲ್, ಹುಸೇನಪ್ಪ ಕೆ., ಮರಿಣಾಗಪ್ಪ ಡಗ್ಗಿ, ಶ್ರೀನಿವಾಸ ಸೇರಿದಂತೆ ಅನೇಕರು ಹಾಜರಿದ್ದರು.
